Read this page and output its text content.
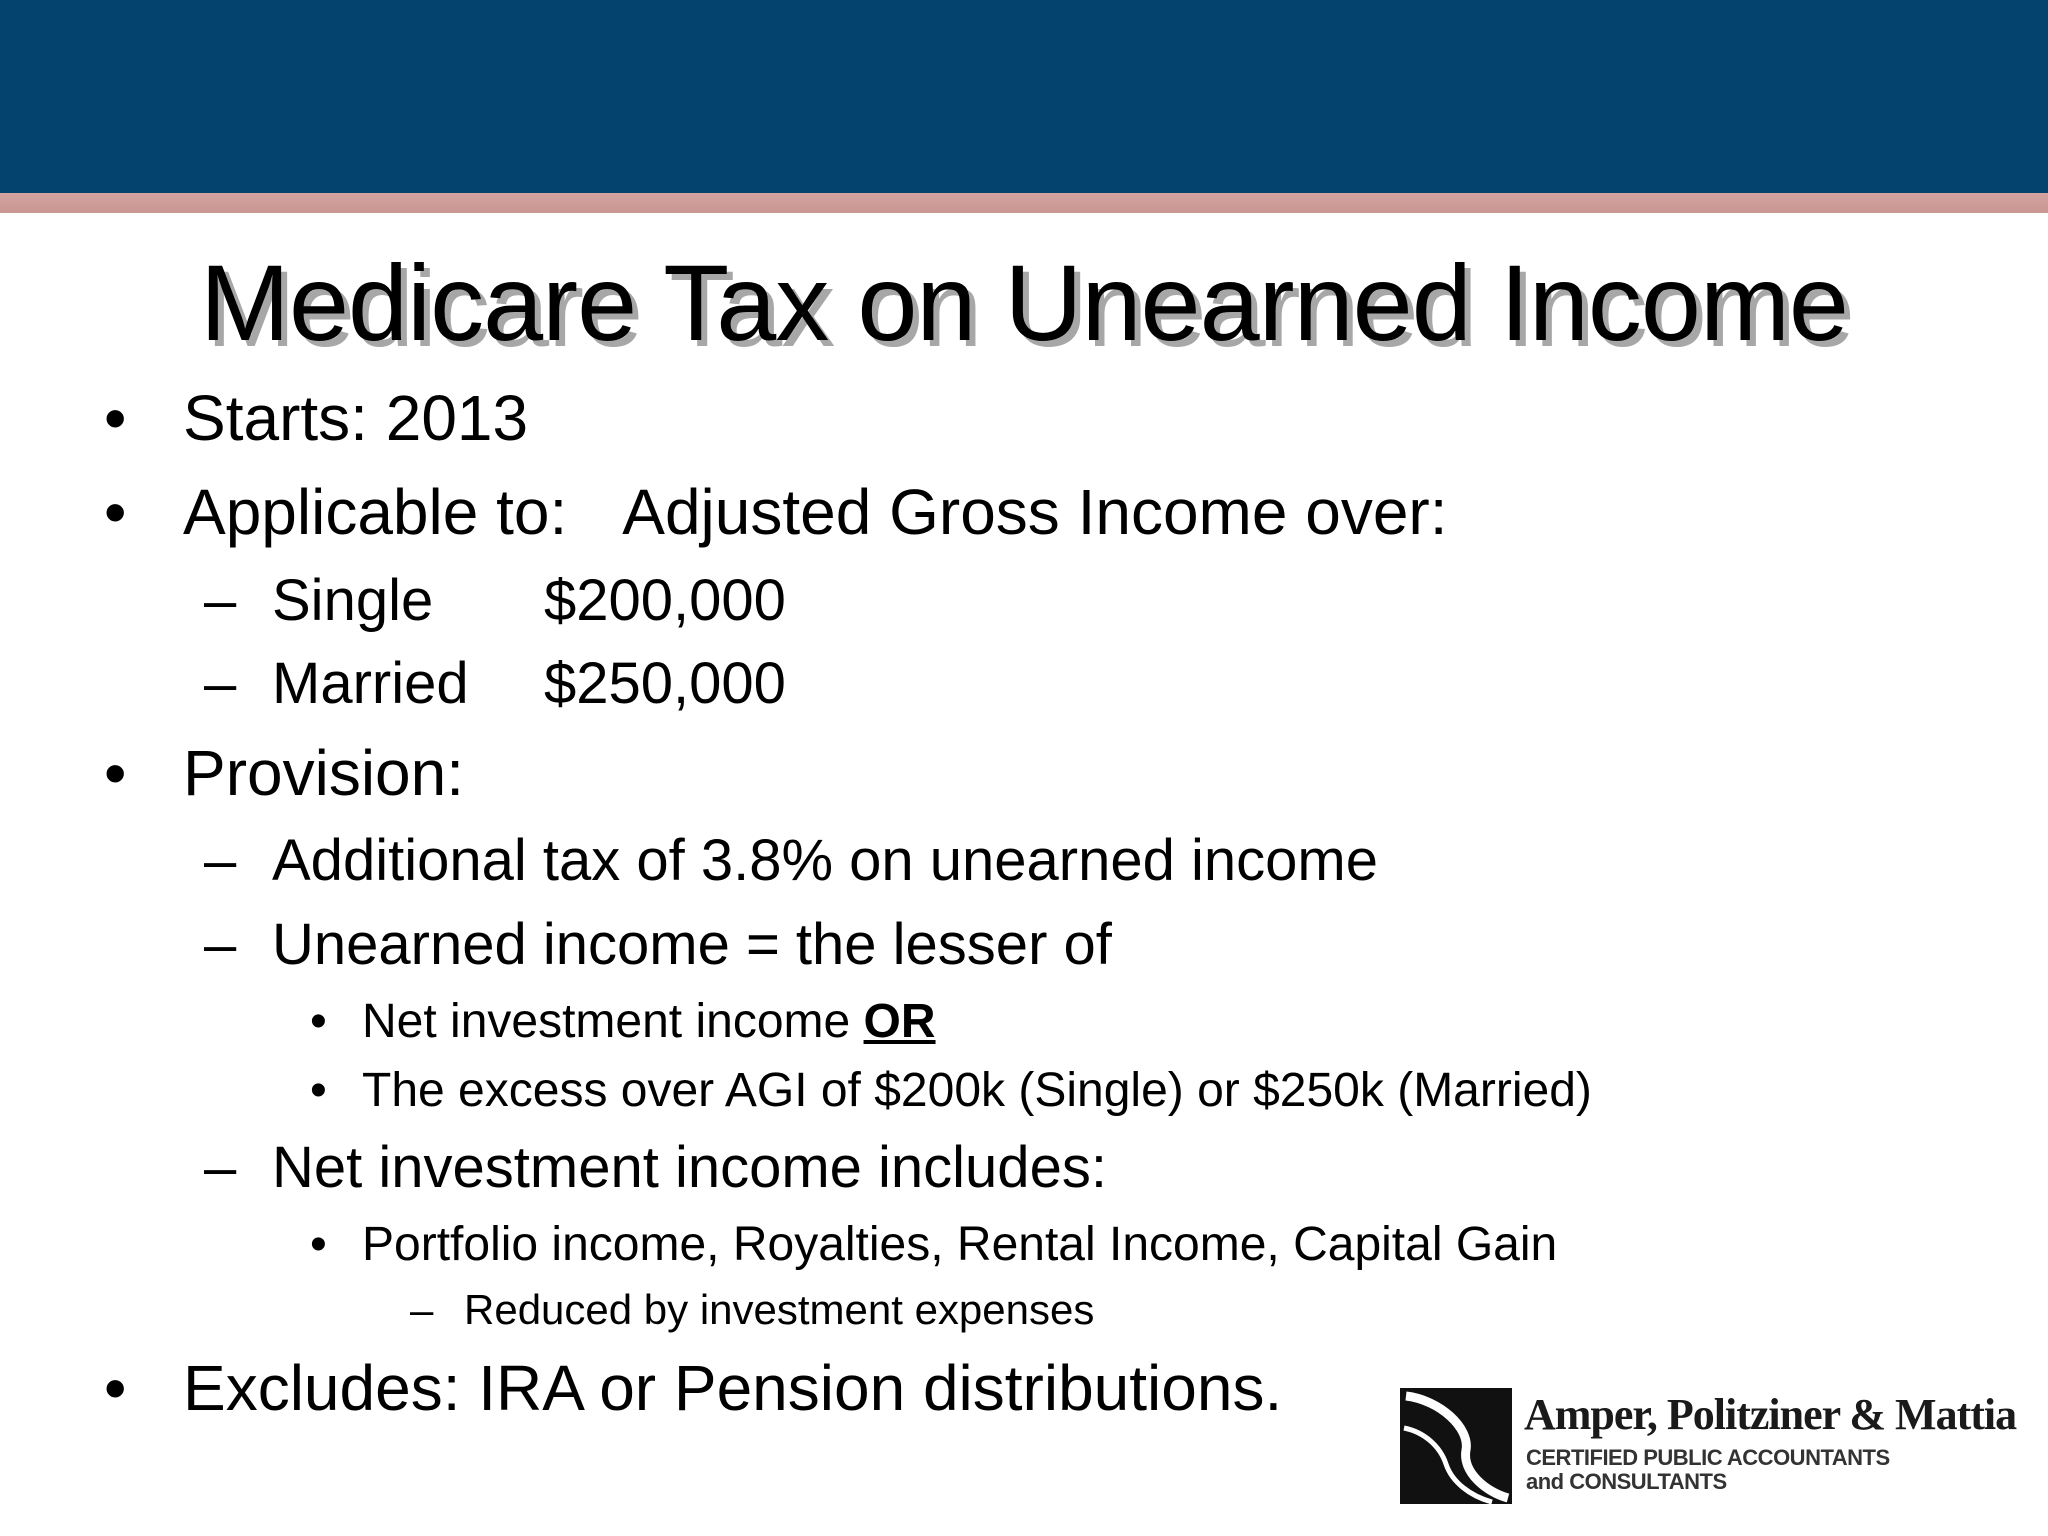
Medicare Tax on Unearned Income
• Starts: 2013
• Applicable to: Adjusted Gross Income over:
– Single $200,000
– Married $250,000
• Provision:
– Additional tax of 3.8% on unearned income
– Unearned income = the lesser of
• Net investment income OR
• The excess over AGI of $200k (Single) or $250k (Married)
– Net investment income includes:
• Portfolio income, Royalties, Rental Income, Capital Gain
– Reduced by investment expenses
• Excludes: IRA or Pension distributions.	Amper, Politziner & Mattia
CERTIFIED PUBLIC ACCOUNTANTS
and CONSULTANTS
